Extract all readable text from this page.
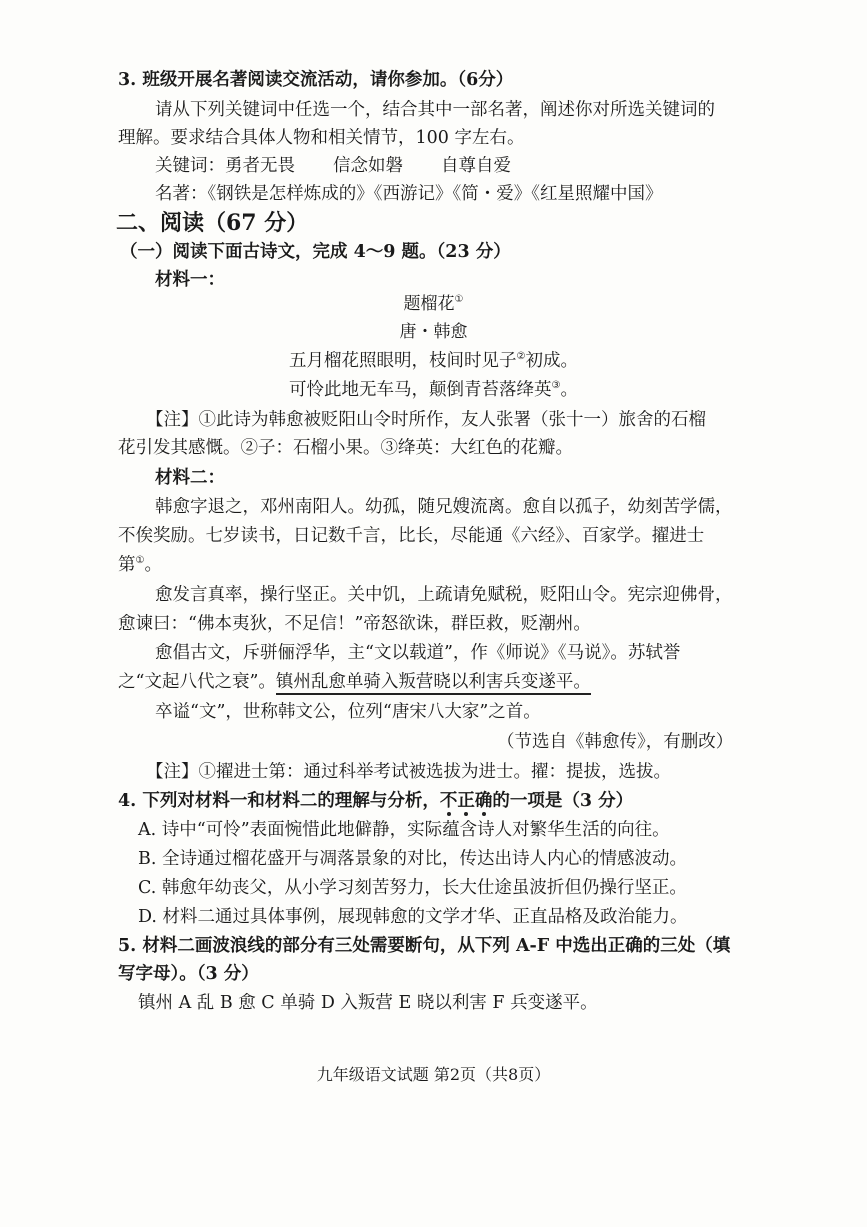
3. 班级开展名著阅读交流活动，请你参加。（6分）
请从下列关键词中任选一个，结合其中一部名著，阐述你对所选关键词的
理解。要求结合具体人物和相关情节，100 字左右。
关键词：勇者无畏 信念如磐 自尊自爱
名著：《钢铁是怎样炼成的》《西游记》《简・爱》《红星照耀中国》
二、阅读（67 分）
（一）阅读下面古诗文，完成 4～9 题。（23 分）
材料一：
题榴花①
唐・韩愈
五月榴花照眼明，枝间时见子②初成。
可怜此地无车马，颠倒青苔落绛英③。
【注】①此诗为韩愈被贬阳山令时所作，友人张署（张十一）旅舍的石榴
花引发其感慨。②子：石榴小果。③绛英：大红色的花瓣。
材料二：
韩愈字退之，邓州南阳人。幼孤，随兄嫂流离。愈自以孤子，幼刻苦学儒，
不俟奖励。七岁读书，日记数千言，比长，尽能通《六经》、百家学。擢进士
第①。
愈发言真率，操行坚正。关中饥，上疏请免赋税，贬阳山令。宪宗迎佛骨，
愈谏曰：“佛本夷狄，不足信！”帝怒欲诛，群臣救，贬潮州。
愈倡古文，斥骈俪浮华，主“文以载道”，作《师说》《马说》。苏轼誉
之“文起八代之衰”。镇州乱愈单骑入叛营晓以利害兵变遂平。
卒谥“文”，世称韩文公，位列“唐宋八大家”之首。
（节选自《韩愈传》，有删改）
【注】①擢进士第：通过科举考试被选拔为进士。擢：提拔，选拔。
4. 下列对材料一和材料二的理解与分析，不正确的一项是（3 分）
A. 诗中“可怜”表面惋惜此地僻静，实际蕴含诗人对繁华生活的向往。
B. 全诗通过榴花盛开与凋落景象的对比，传达出诗人内心的情感波动。
C. 韩愈年幼丧父，从小学习刻苦努力，长大仕途虽波折但仍操行坚正。
D. 材料二通过具体事例，展现韩愈的文学才华、正直品格及政治能力。
5. 材料二画波浪线的部分有三处需要断句，从下列 A-F 中选出正确的三处（填
写字母）。（3 分）
镇州 A 乱 B 愈 C 单骑 D 入叛营 E 晓以利害 F 兵变遂平。
九年级语文试题 第2页（共8页）
